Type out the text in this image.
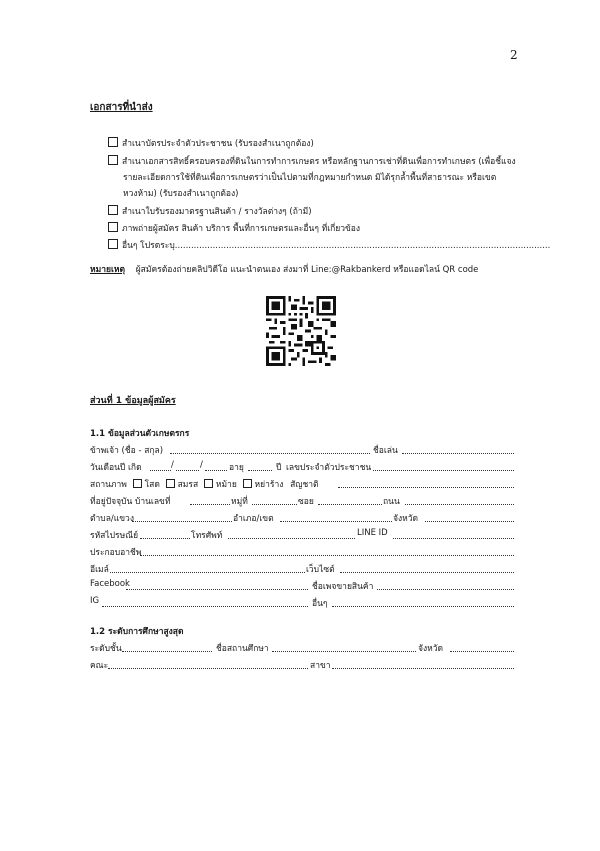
2
เอกสารที่นำส่ง
สำเนาบัตรประจำตัวประชาชน (รับรองสำเนาถูกต้อง)
สำเนาเอกสารสิทธิ์ครอบครองที่ดินในการทำการเกษตร หรือหลักฐานการเช่าที่ดินเพื่อการทำเกษตร (เพื่อชี้แจง
รายละเอียดการใช้ที่ดินเพื่อการเกษตรว่าเป็นไปตามที่กฎหมายกำหนด มิได้รุกล้ำพื้นที่สาธารณะ หรือเขต
หวงห้าม) (รับรองสำเนาถูกต้อง)
สำเนาใบรับรองมาตรฐานสินค้า / รางวัลต่างๆ (ถ้ามี)
ภาพถ่ายผู้สมัคร สินค้า บริการ พื้นที่การเกษตรและอื่นๆ ที่เกี่ยวข้อง
อื่นๆ โปรดระบุ...........................................................................................................................................
หมายเหตุ ผู้สมัครต้องถ่ายคลิปวิดีโอ แนะนำตนเอง ส่งมาที่ Line:@Rakbankerd หรือแอดไลน์ QR code
ส่วนที่ 1 ข้อมูลผู้สมัคร
1.1 ข้อมูลส่วนตัวเกษตรกร
ข้าพเจ้า (ชื่อ - สกุล)	ชื่อเล่น
วันเดือนปี เกิด	/	/	อายุ	ปี เลขประจำตัวประชาชน
สถานภาพ โสด สมรส หม้าย หย่าร้าง สัญชาติ
ที่อยู่ปัจจุบัน บ้านเลขที่	หมู่ที่	ซอย	ถนน
ตำบล/แขวง	อำเภอ/เขต	จังหวัด
รหัสไปรษณีย์	โทรศัพท์	LINE ID
ประกอบอาชีพ
อีเมล์	เว็บไซต์
Facebook	ชื่อเพจขายสินค้า
IG	อื่นๆ
1.2 ระดับการศึกษาสูงสุด
ระดับชั้น	ชื่อสถานศึกษา	จังหวัด
คณะ	สาขา
